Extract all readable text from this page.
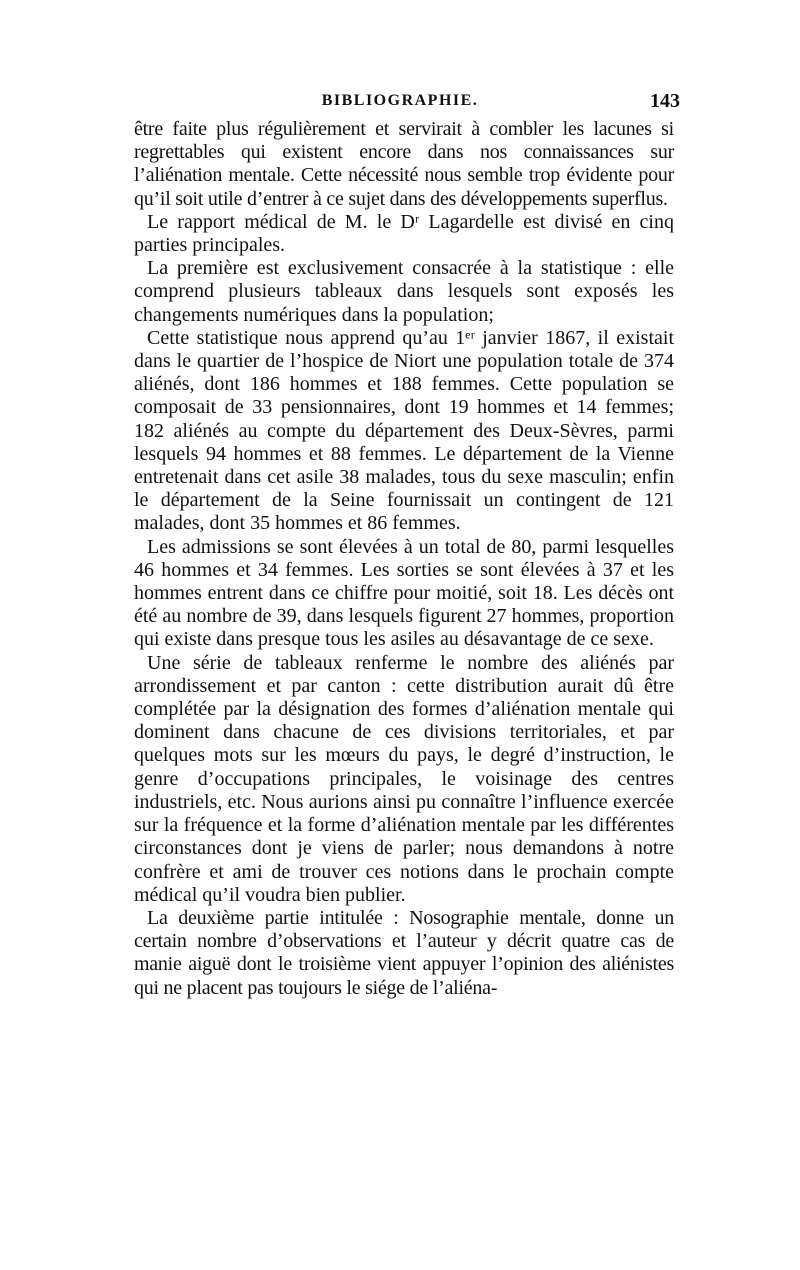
BIBLIOGRAPHIE.	143

être faite plus régulièrement et servirait à combler les lacunes si regrettables qui existent encore dans nos connaissances sur l’aliénation mentale. Cette nécessité nous semble trop évidente pour qu’il soit utile d’entrer à ce sujet dans des développements superflus.

Le rapport médical de M. le Dʳ Lagardelle est divisé en cinq parties principales.

La première est exclusivement consacrée à la statistique : elle comprend plusieurs tableaux dans lesquels sont exposés les changements numériques dans la population;

Cette statistique nous apprend qu’au 1ᵉʳ janvier 1867, il existait dans le quartier de l’hospice de Niort une population totale de 374 aliénés, dont 186 hommes et 188 femmes. Cette population se composait de 33 pensionnaires, dont 19 hommes et 14 femmes; 182 aliénés au compte du département des Deux-Sèvres, parmi lesquels 94 hommes et 88 femmes. Le département de la Vienne entretenait dans cet asile 38 malades, tous du sexe masculin; enfin le département de la Seine fournissait un contingent de 121 malades, dont 35 hommes et 86 femmes.

Les admissions se sont élevées à un total de 80, parmi lesquelles 46 hommes et 34 femmes. Les sorties se sont élevées à 37 et les hommes entrent dans ce chiffre pour moitié, soit 18. Les décès ont été au nombre de 39, dans lesquels figurent 27 hommes, proportion qui existe dans presque tous les asiles au désavantage de ce sexe.

Une série de tableaux renferme le nombre des aliénés par arrondissement et par canton : cette distribution aurait dû être complétée par la désignation des formes d’aliénation mentale qui dominent dans chacune de ces divisions territoriales, et par quelques mots sur les mœurs du pays, le degré d’instruction, le genre d’occupations principales, le voisinage des centres industriels, etc. Nous aurions ainsi pu connaître l’influence exercée sur la fréquence et la forme d’aliénation mentale par les différentes circonstances dont je viens de parler; nous demandons à notre confrère et ami de trouver ces notions dans le prochain compte médical qu’il voudra bien publier.

La deuxième partie intitulée : Nosographie mentale, donne un certain nombre d’observations et l’auteur y décrit quatre cas de manie aiguë dont le troisième vient appuyer l’opinion des aliénistes qui ne placent pas toujours le siége de l’aliéna-
